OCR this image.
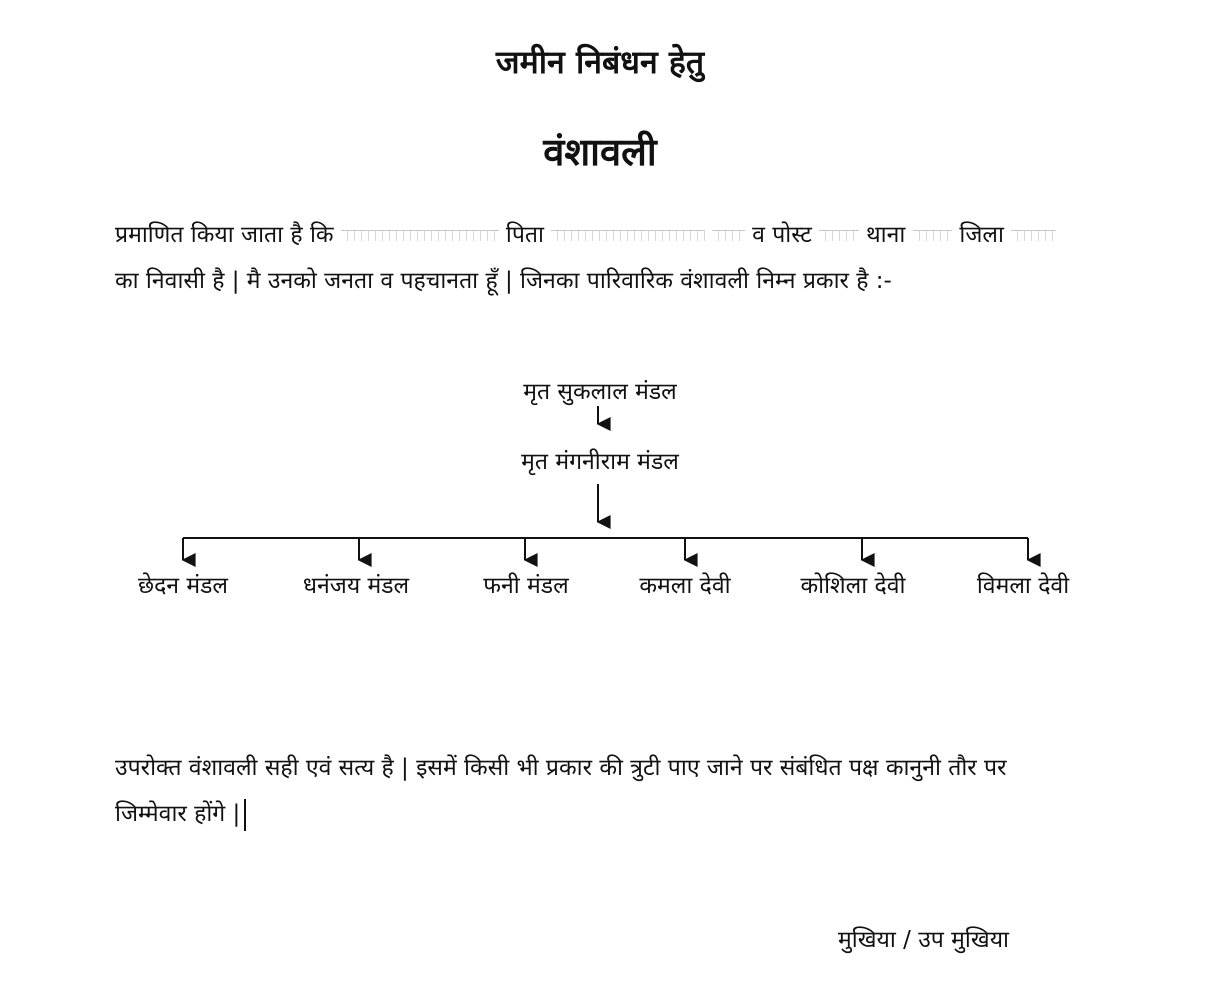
जमीन निबंधन हेतु
वंशावली
प्रमाणित किया जाता है कि	पिता	व पोस्ट  थाना  जिला  का निवासी है | मै उनको जनता व पहचानता हूँ | जिनका पारिवारिक वंशावली निम्न प्रकार है :-
मृत सुकलाल मंडल
मृत मंगनीराम मंडल
छेदन मंडल	धनंजय मंडल	फनी मंडल	कमला देवी	कोशिला देवी	विमला देवी
उपरोक्त वंशावली सही एवं सत्य है | इसमें किसी भी प्रकार की त्रुटी पाए जाने पर संबंधित पक्ष कानुनी तौर पर जिम्मेवार होंगे |
मुखिया / उप मुखिया
